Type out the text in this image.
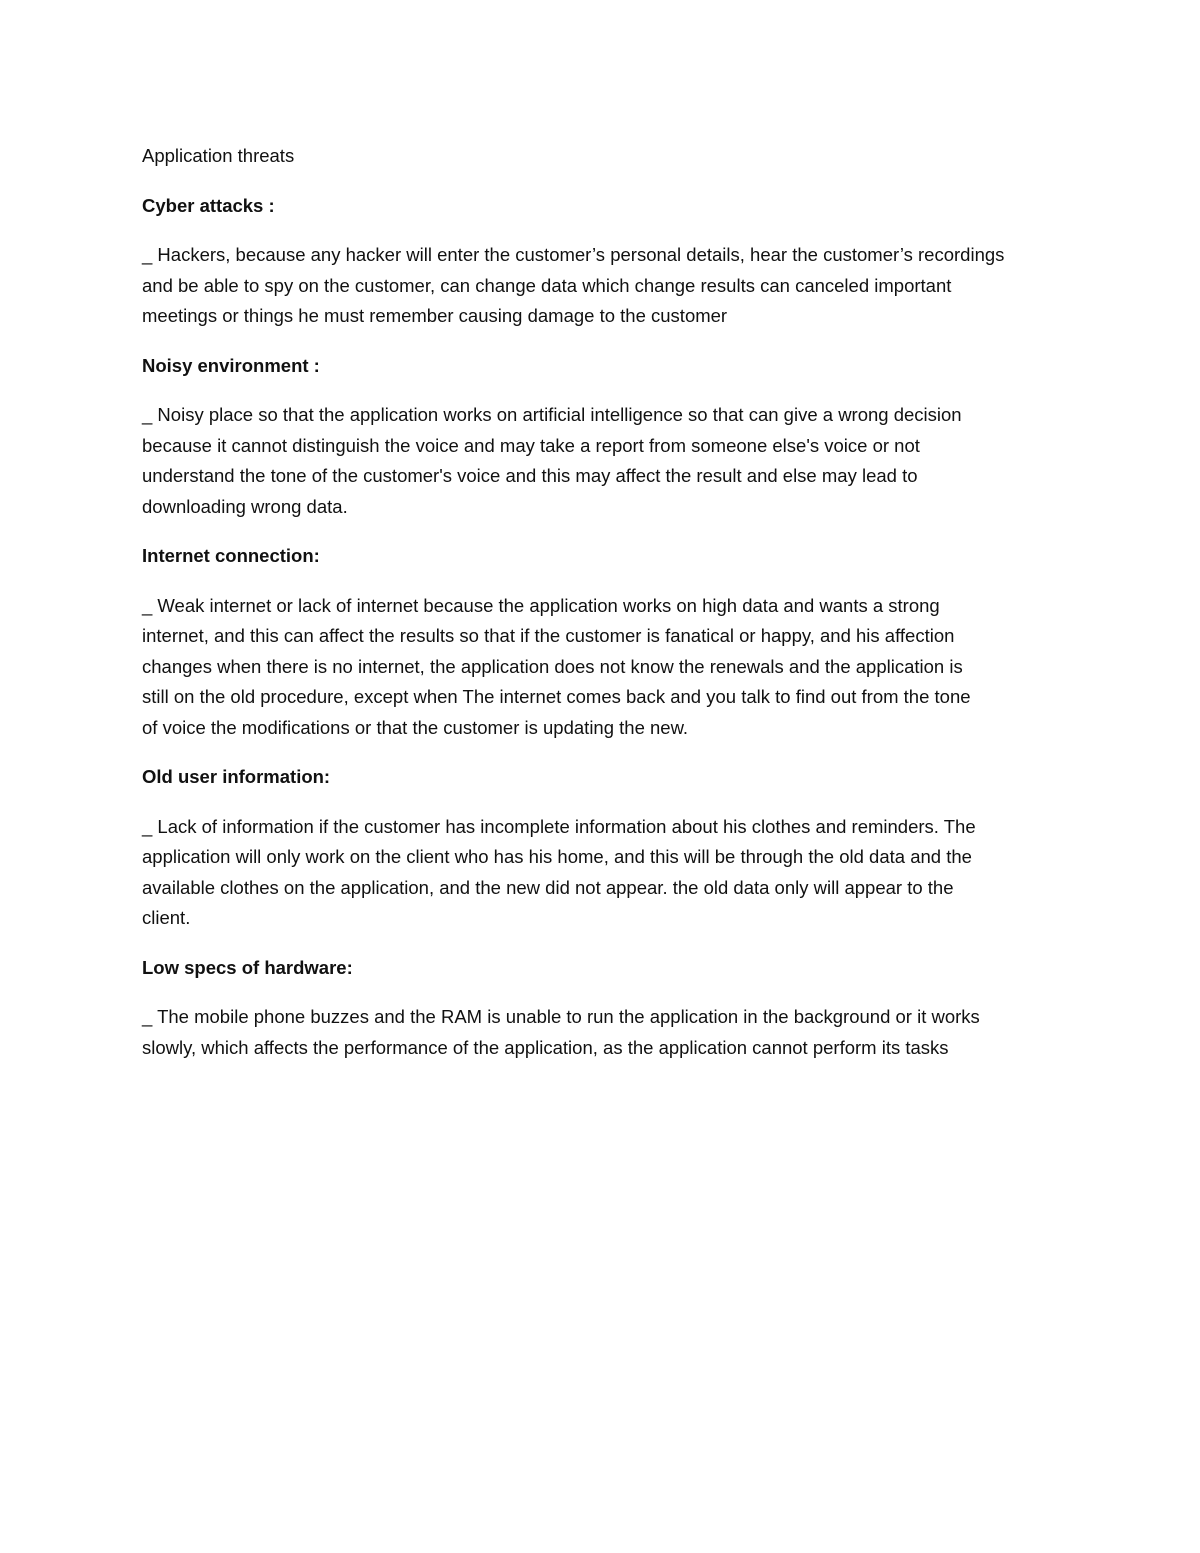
Application threats
Cyber attacks :
_ Hackers, because any hacker will enter the customer’s personal details, hear the customer’s recordings
and be able to spy on the customer, can change data which change results can canceled important
meetings or things he must remember causing damage to the customer
Noisy environment :
_ Noisy place so that the application works on artificial intelligence so that can give a wrong decision
because it cannot distinguish the voice and may take a report from someone else's voice or not
understand the tone of the customer's voice and this may affect the result and else may lead to
downloading wrong data.
Internet connection:
_ Weak internet or lack of internet because the application works on high data and wants a strong
internet, and this can affect the results so that if the customer is fanatical or happy, and his affection
changes when there is no internet, the application does not know the renewals and the application is
still on the old procedure, except when The internet comes back and you talk to find out from the tone
of voice the modifications or that the customer is updating the new.
Old user information:
_ Lack of information if the customer has incomplete information about his clothes and reminders. The
application will only work on the client who has his home, and this will be through the old data and the
available clothes on the application, and the new did not appear. the old data only will appear to the
client.
Low specs of hardware:
_ The mobile phone buzzes and the RAM is unable to run the application in the background or it works
slowly, which affects the performance of the application, as the application cannot perform its tasks
